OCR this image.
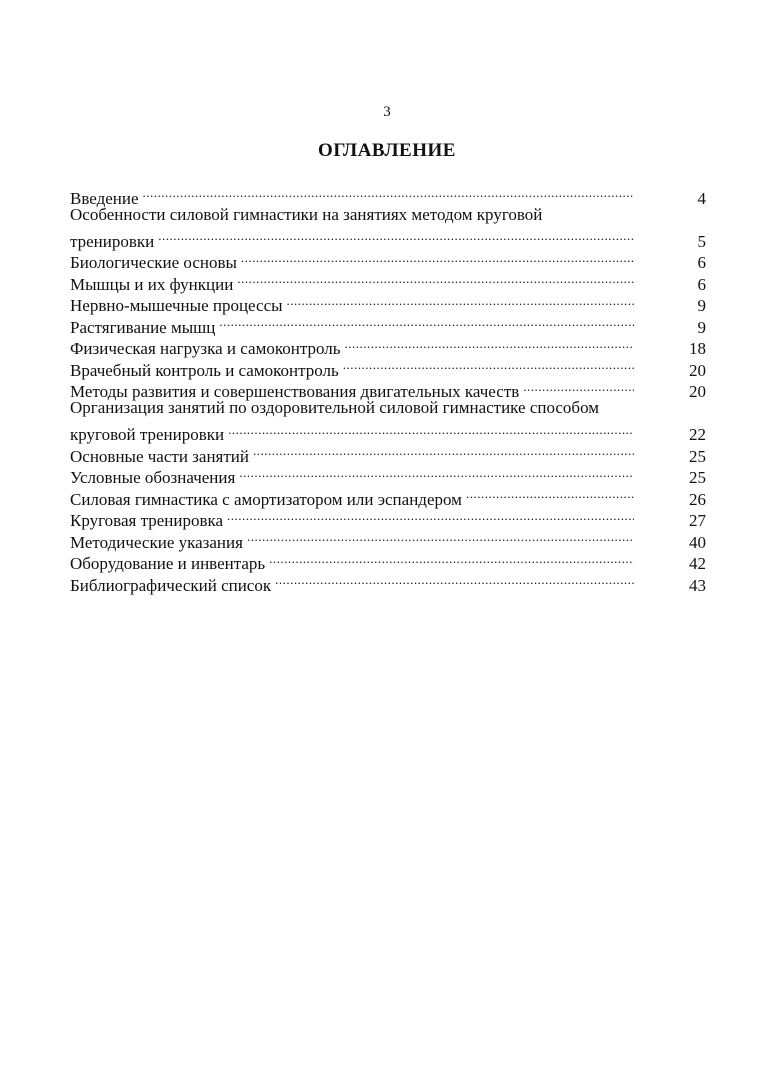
3
ОГЛАВЛЕНИЕ
Введение .....	4
Особенности силовой гимнастики на занятиях методом круговой
тренировки .....	5
Биологические основы .....	6
Мышцы и их функции .....	6
Нервно-мышечные процессы .....	9
Растягивание мышц .....	9
Физическая нагрузка и самоконтроль .....	18
Врачебный контроль и самоконтроль .....	20
Методы развития и совершенствования двигательных качеств .....	20
Организация занятий по оздоровительной силовой гимнастике способом
круговой тренировки .....	22
Основные части занятий .....	25
Условные обозначения .....	25
Силовая гимнастика с амортизатором или эспандером .....	26
Круговая тренировка .....	27
Методические указания .....	40
Оборудование и инвентарь .....	42
Библиографический список .....	43
